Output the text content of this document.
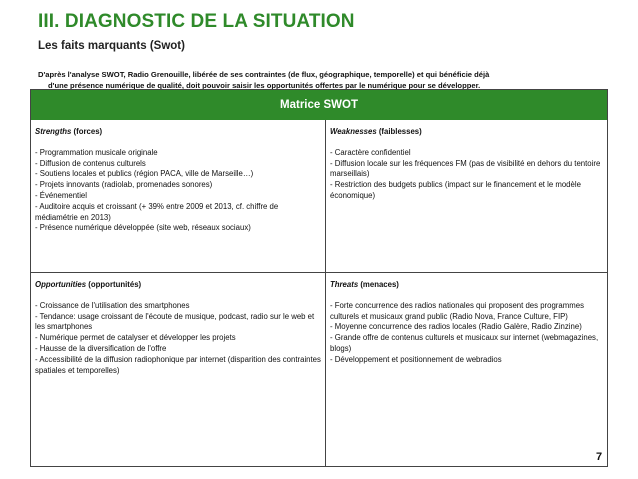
III. DIAGNOSTIC DE LA SITUATION
Les faits marquants (Swot)
D'après l'analyse SWOT, Radio Grenouille, libérée de ses contraintes (de flux, géographique, temporelle) et qui bénéficie déjà
d'une présence numérique de qualité, doit pouvoir saisir les opportunités offertes par le numérique pour se développer.
Matrice SWOT
Strengths (forces)
- Programmation musicale originale
- Diffusion de contenus culturels
- Soutiens locales et publics (région PACA, ville de Marseille…)
- Projets innovants (radiolab, promenades sonores)
- Événementiel
- Auditoire acquis et croissant (+ 39% entre 2009 et 2013, cf. chiffre de médiamétrie en 2013)
- Présence numérique développée (site web, réseaux sociaux)
Weaknesses (faiblesses)
- Caractère confidentiel
- Diffusion locale sur les fréquences FM (pas de visibilité en dehors du tentoire marseillais)
- Restriction des budgets publics (impact sur le financement et le modèle économique)
Opportunities (opportunités)
- Croissance de l'utilisation des smartphones
- Tendance: usage croissant de l'écoute de musique, podcast, radio sur le web et les smartphones
- Numérique permet de catalyser et développer les projets
- Hausse de la diversification de l'offre
- Accessibilité de la diffusion radiophonique par internet (disparition des contraintes spatiales et temporelles)
Threats (menaces)
- Forte concurrence des radios nationales qui proposent des programmes culturels et musicaux grand public (Radio Nova, France Culture, FIP)
- Moyenne concurrence des radios locales (Radio Galère, Radio Zinzine)
- Grande offre de contenus culturels et musicaux sur internet (webmagazines, blogs)
- Développement et positionnement de webradios
7
